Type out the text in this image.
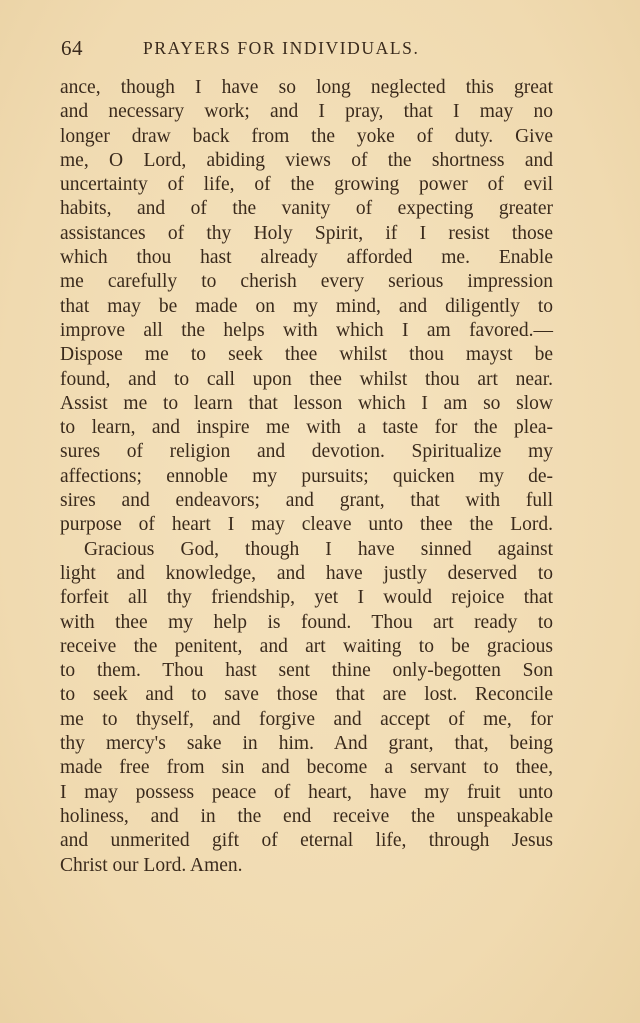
64	PRAYERS FOR INDIVIDUALS.
ance, though I have so long neglected this great
and necessary work; and I pray, that I may no
longer draw back from the yoke of duty. Give
me, O Lord, abiding views of the shortness and
uncertainty of life, of the growing power of evil
habits, and of the vanity of expecting greater
assistances of thy Holy Spirit, if I resist those
which thou hast already afforded me. Enable
me carefully to cherish every serious impression
that may be made on my mind, and diligently to
improve all the helps with which I am favored.—
Dispose me to seek thee whilst thou mayst be
found, and to call upon thee whilst thou art near.
Assist me to learn that lesson which I am so slow
to learn, and inspire me with a taste for the plea-
sures of religion and devotion. Spiritualize my
affections; ennoble my pursuits; quicken my de-
sires and endeavors; and grant, that with full
purpose of heart I may cleave unto thee the Lord.
Gracious God, though I have sinned against
light and knowledge, and have justly deserved to
forfeit all thy friendship, yet I would rejoice that
with thee my help is found. Thou art ready to
receive the penitent, and art waiting to be gracious
to them. Thou hast sent thine only-begotten Son
to seek and to save those that are lost. Reconcile
me to thyself, and forgive and accept of me, for
thy mercy's sake in him. And grant, that, being
made free from sin and become a servant to thee,
I may possess peace of heart, have my fruit unto
holiness, and in the end receive the unspeakable
and unmerited gift of eternal life, through Jesus
Christ our Lord. Amen.
